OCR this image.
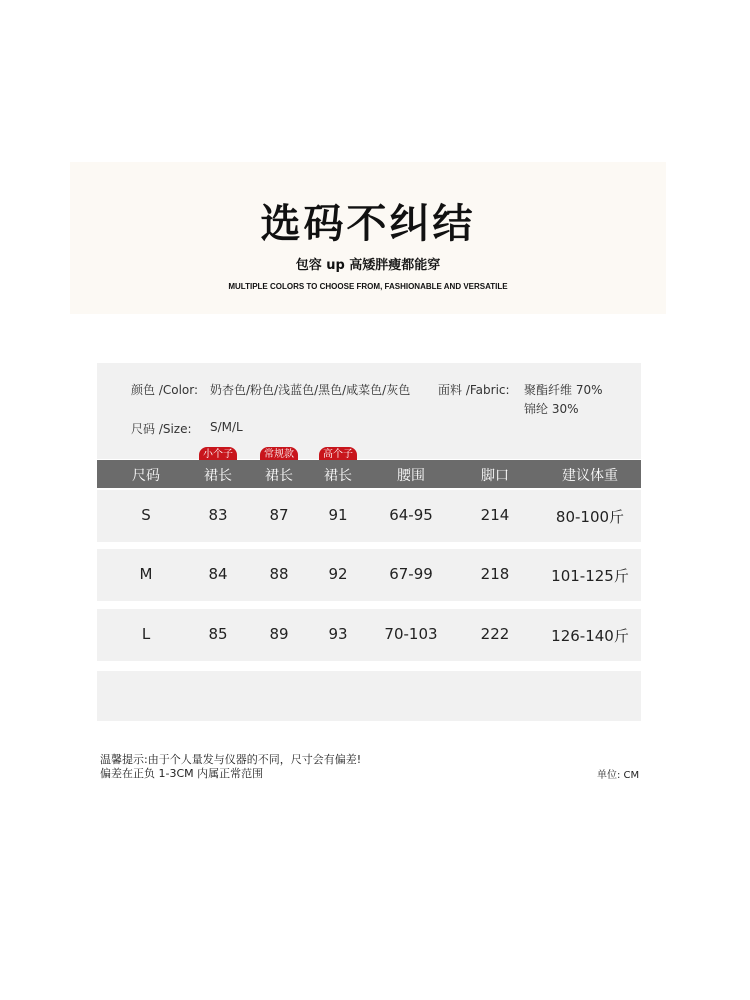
选码不纠结
包容 up 高矮胖瘦都能穿
MULTIPLE COLORS TO CHOOSE FROM, FASHIONABLE AND VERSATILE
颜色 /Color: 奶杏色/粉色/浅蓝色/黑色/咸菜色/灰色 面料 /Fabric: 聚酯纤维 70%
锦纶 30%
尺码 /Size: S/M/L
小个子	常规款	高个子
尺码	裙长 裙长 裙长	腰围	脚口	建议体重
S	83	87	91	64-95	214	80-100斤
M	84	88	92	67-99	218	101-125斤
L	85	89	93 70-103	222	126-140斤
温馨提示:由于个人量发与仪器的不同，尺寸会有偏差!
偏差在正负 1-3CM 内属正常范围	单位: CM
